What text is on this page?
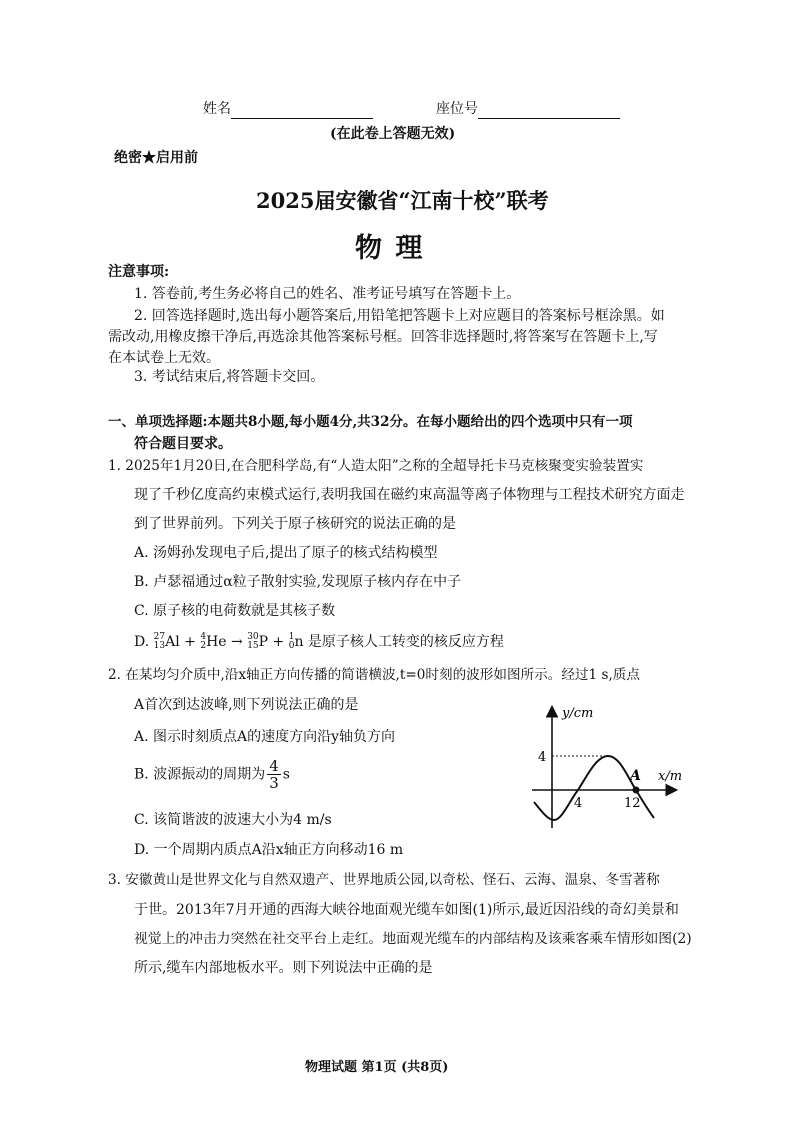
姓名	座位号

(在此卷上答题无效)

绝密★启用前

2025届安徽省“江南十校”联考

物 理

注意事项:

1. 答卷前,考生务必将自己的姓名、准考证号填写在答题卡上。

2. 回答选择题时,选出每小题答案后,用铅笔把答题卡上对应题目的答案标号框涂黑。如

需改动,用橡皮擦干净后,再选涂其他答案标号框。回答非选择题时,将答案写在答题卡上,写

在本试卷上无效。

3. 考试结束后,将答题卡交回。

一、单项选择题:本题共8小题,每小题4分,共32分。在每小题给出的四个选项中只有一项

符合题目要求。

1. 2025年1月20日,在合肥科学岛,有“人造太阳”之称的全超导托卡马克核聚变实验装置实

现了千秒亿度高约束模式运行,表明我国在磁约束高温等离子体物理与工程技术研究方面走

到了世界前列。下列关于原子核研究的说法正确的是

A. 汤姆孙发现电子后,提出了原子的核式结构模型

B. 卢瑟福通过α粒子散射实验,发现原子核内存在中子

C. 原子核的电荷数就是其核子数

D. 27
13Al + 4
2He → 30
15P + 1
0n 是原子核人工转变的核反应方程

2. 在某均匀介质中,沿x轴正方向传播的简谐横波,t=0时刻的波形如图所示。经过1 s,质点

A首次到达波峰,则下列说法正确的是

A. 图示时刻质点A的速度方向沿y轴负方向

B. 波源振动的周期为 $\frac{4}{3}$ s

C. 该简谐波的波速大小为4 m/s

D. 一个周期内质点A沿x轴正方向移动16 m

y/cm
x/m
4
A
4	12

3. 安徽黄山是世界文化与自然双遗产、世界地质公园,以奇松、怪石、云海、温泉、冬雪著称

于世。2013年7月开通的西海大峡谷地面观光缆车如图(1)所示,最近因沿线的奇幻美景和

视觉上的冲击力突然在社交平台上走红。地面观光缆车的内部结构及该乘客乘车情形如图(2)

所示,缆车内部地板水平。则下列说法中正确的是

物理试题 第1页 (共8页)
